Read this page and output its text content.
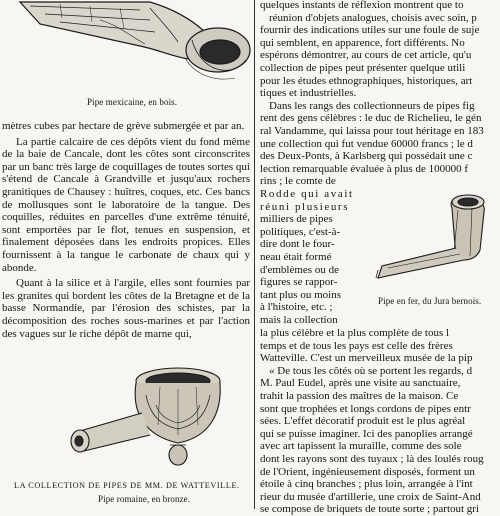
Pipe mexicaine, en bois.

mètres cubes par hectare de grève submergée et par an.

La partie calcaire de ces dépôts vient du fond même de la baie de Cancale, dont les côtes sont circonscrites par un banc très large de coquillages de toutes sortes qui s'étend de Cancale à Grandville et jusqu'aux rochers granitiques de Chausey : huîtres, coques, etc. Ces bancs de mollusques sont le laboratoire de la tangue. Des coquilles, réduites en parcelles d'une extrême ténuité, sont emportées par le flot, tenues en suspension, et finalement déposées dans les endroits propices. Elles fournissent à la tangue le carbonate de chaux qui y abonde.

Quant à la silice et à l'argile, elles sont fournies par les granites qui bordent les côtes de la Bretagne et de la basse Normandie, par l'érosion des schistes, par la décomposition des roches sous-marines et par l'action des vagues sur le riche dépôt de marne qui,

LA COLLECTION DE PIPES DE MM. DE WATTEVILLE.
Pipe romaine, en bronze.
quelques instants de réflexion montrent que to
réunion d'objets analogues, choisis avec soin, p
fournir des indications utiles sur une foule de suje
qui semblent, en apparence, fort différents. No
espérons démontrer, au cours de cet article, qu'u
collection de pipes peut présenter quelque utili
pour les études ethnographiques, historiques, art
tiques et industrielles.
Dans les rangs des collectionneurs de pipes fig
rent des gens célèbres : le duc de Richelieu, le gén
ral Vandamme, qui laissa pour tout héritage en 183
une collection qui fut vendue 60000 francs ; le d
des Deux-Ponts, à Karlsberg qui possédait une c
lection remarquable évaluée à plus de 100000 f
rins ; le comte de
Rodde qui avait
réuni plusieurs
milliers de pipes
politiques, c'est-à-
dire dont le four-
neau était formé
d'emblèmes ou de
figures se rappor-
tant plus ou moins
à l'histoire, etc. ;
mais la collection
Pipe en fer, du Jura bernois.
la plus célèbre et la plus complète de tous l
temps et de tous les pays est celle des frères
Watteville. C'est un merveilleux musée de la pip
« De tous les côtés où se portent les regards, d
M. Paul Eudel, après une visite au sanctuaire,
trahit la passion des maîtres de la maison. Ce
sont que trophées et longs cordons de pipes entr
sées. L'effet décoratif produit est le plus agréal
qui se puisse imaginer. Ici des panoplies arrangé
avec art tapissent la muraille, comme des sole
dont les rayons sont des tuyaux ; là des loulés roug
de l'Orient, ingénieusement disposés, forment un
étoile à cinq branches ; plus loin, arrangée à l'int
rieur du musée d'artillerie, une croix de Saint-And
se compose de briquets de toute sorte ; partout gri
